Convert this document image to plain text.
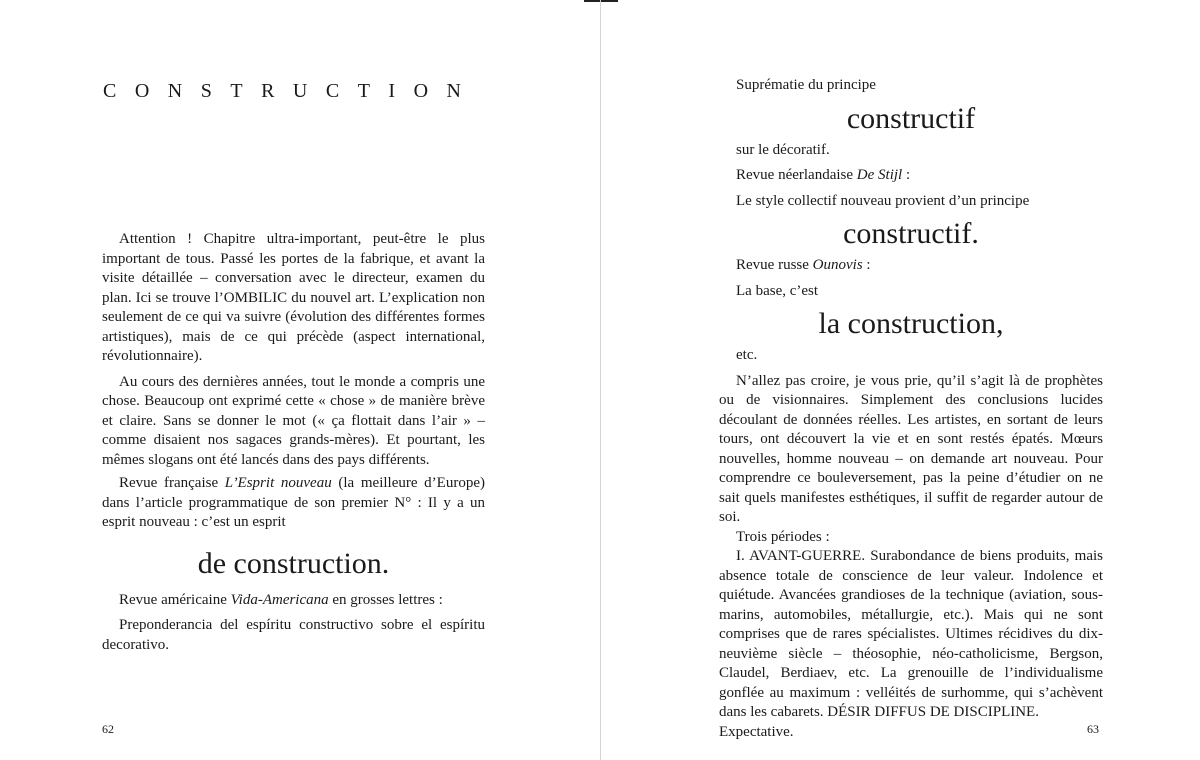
CONSTRUCTION

Attention ! Chapitre ultra-important, peut-être le plus important de tous. Passé les portes de la fabrique, et avant la visite détaillée – conversation avec le directeur, examen du plan. Ici se trouve l’OMBILIC du nouvel art. L’explication non seulement de ce qui va suivre (évolution des différentes formes artistiques), mais de ce qui précède (aspect international, révolutionnaire).

Au cours des dernières années, tout le monde a compris une chose. Beaucoup ont exprimé cette « chose » de manière brève et claire. Sans se donner le mot (« ça flottait dans l’air » – comme disaient nos sagaces grands-mères). Et pourtant, les mêmes slogans ont été lancés dans des pays différents.

Revue française L’Esprit nouveau (la meilleure d’Europe) dans l’article programmatique de son premier N° : Il y a un esprit nouveau : c’est un esprit

de construction.

Revue américaine Vida-Americana en grosses lettres :

Preponderancia del espíritu constructivo sobre el espíritu decorativo.

62

Suprématie du principe

constructif

sur le décoratif.

Revue néerlandaise De Stijl :

Le style collectif nouveau provient d’un principe

constructif.

Revue russe Ounovis :

La base, c’est

la construction,

etc.

N’allez pas croire, je vous prie, qu’il s’agit là de prophètes ou de visionnaires. Simplement des conclusions lucides découlant de données réelles. Les artistes, en sortant de leurs tours, ont découvert la vie et en sont restés épatés. Mœurs nouvelles, homme nouveau – on demande art nouveau. Pour comprendre ce bouleversement, pas la peine d’étudier on ne sait quels manifestes esthétiques, il suffit de regarder autour de soi.

Trois périodes :

I. AVANT-GUERRE. Surabondance de biens produits, mais absence totale de conscience de leur valeur. Indolence et quiétude. Avancées grandioses de la technique (aviation, sous-marins, automobiles, métallurgie, etc.). Mais qui ne sont comprises que de rares spécialistes. Ultimes récidives du dix-neuvième siècle – théosophie, néo-catholicisme, Bergson, Claudel, Berdiaev, etc. La grenouille de l’individualisme gonflée au maximum : velléités de surhomme, qui s’achèvent dans les cabarets. DÉSIR DIFFUS DE DISCIPLINE.

Expectative.	63
